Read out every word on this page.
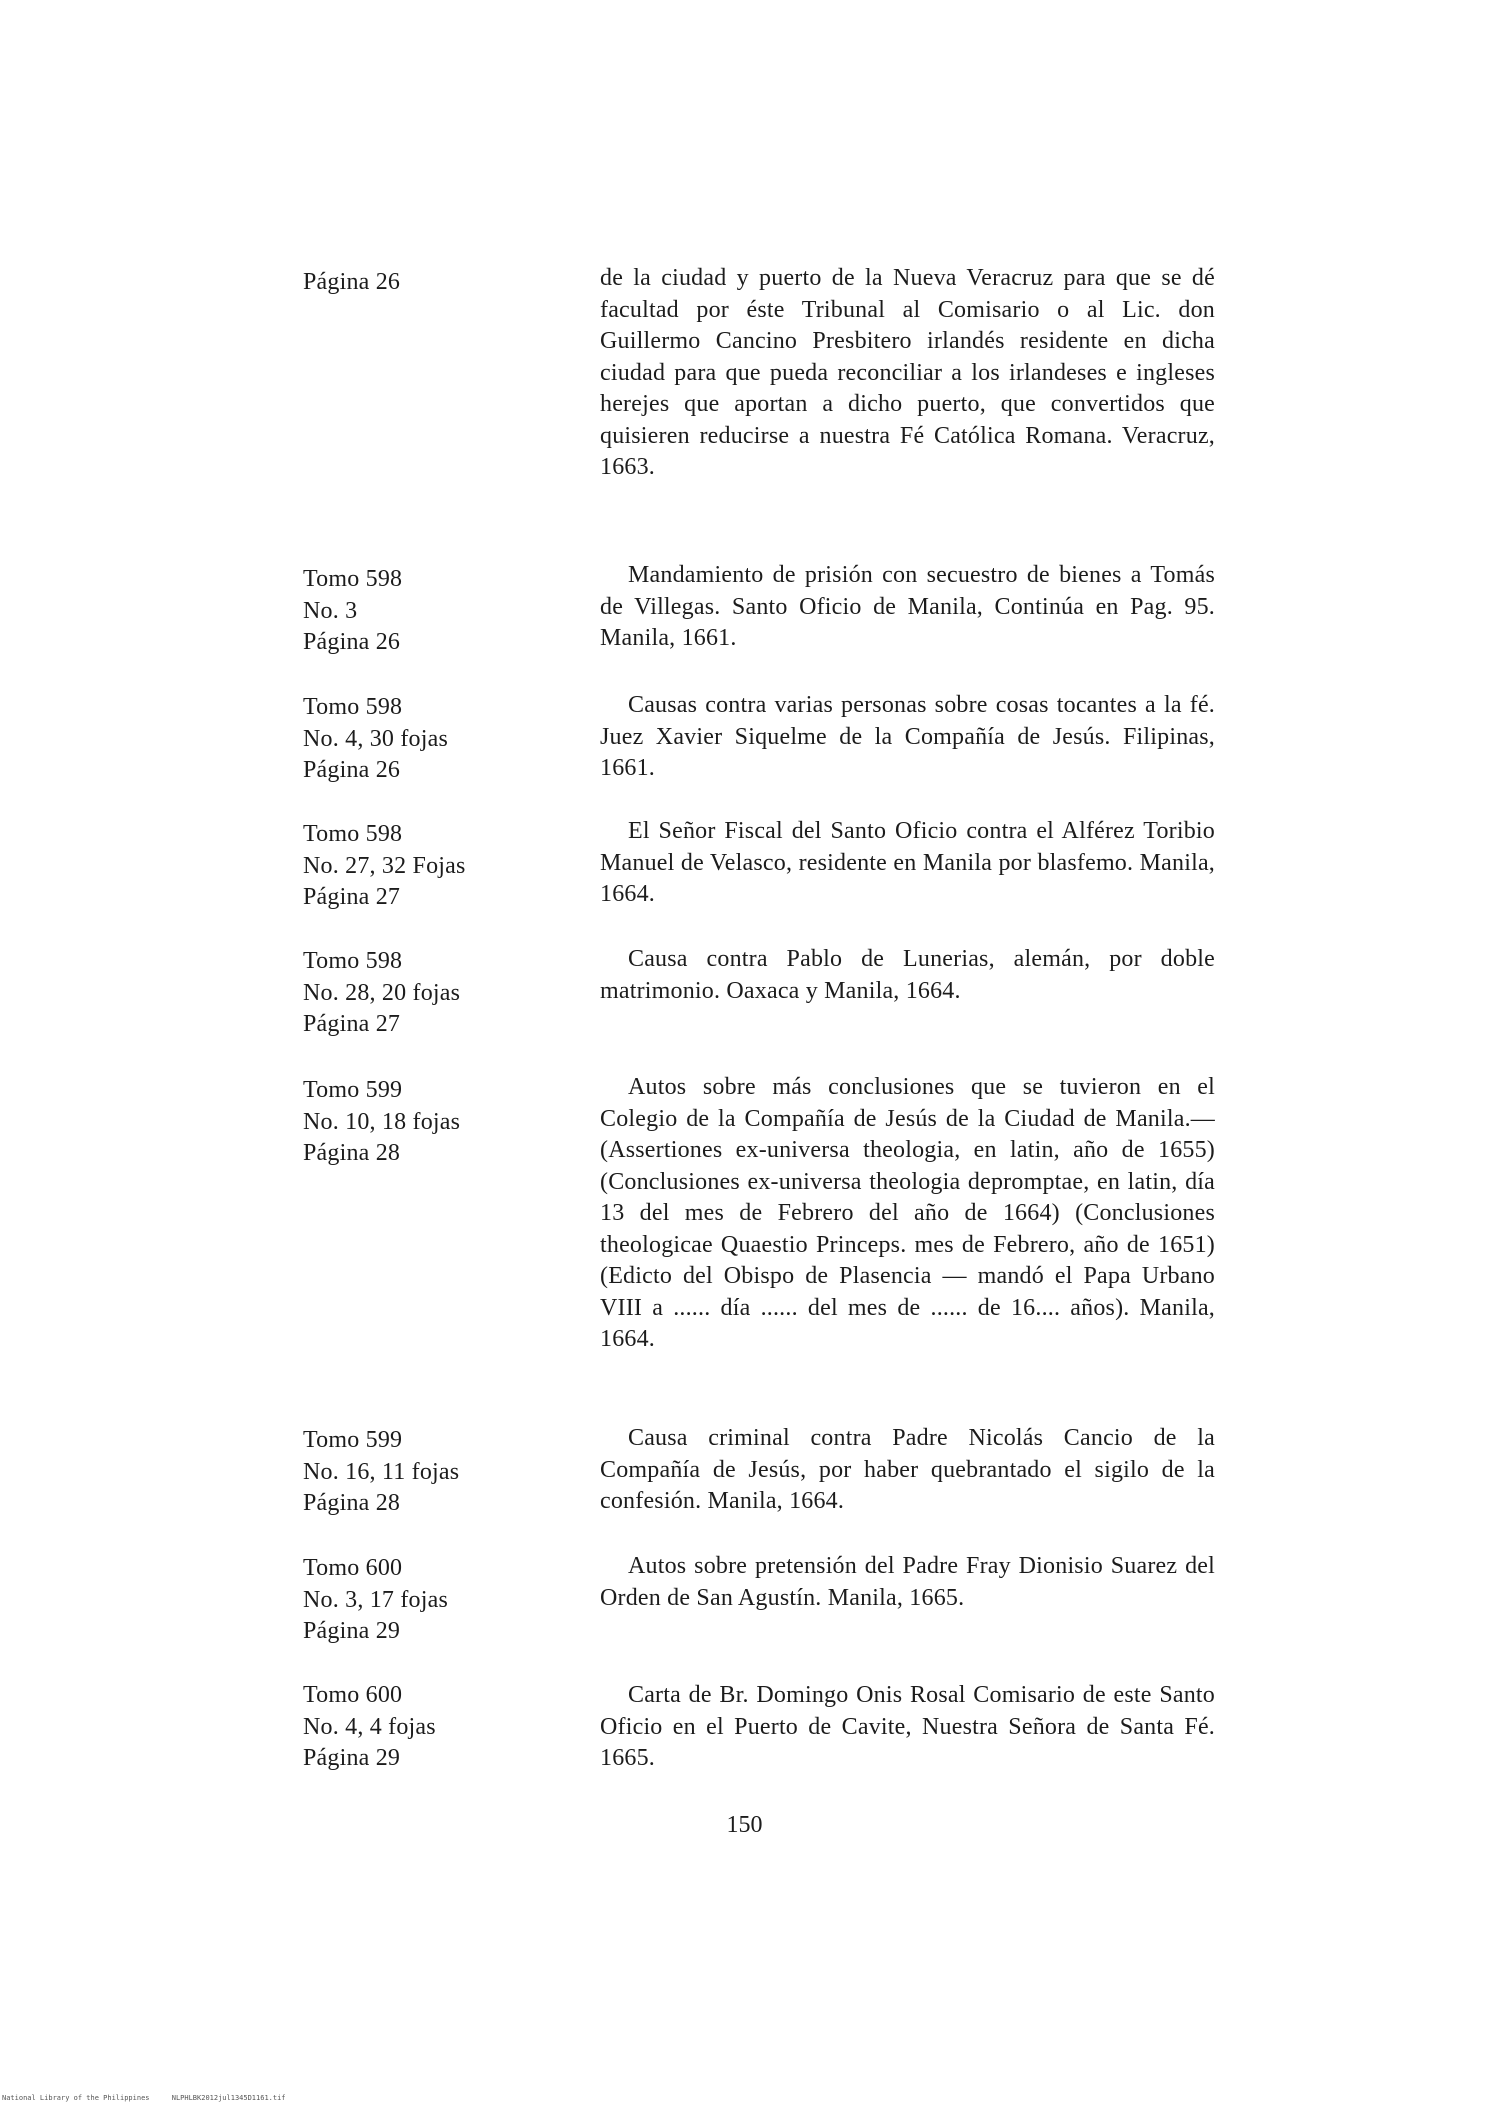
Página 26	de la ciudad y puerto de la Nueva Veracruz para que se dé facultad por éste Tribunal al Comisario o al Lic. don Guillermo Cancino Presbitero irlandés residente en dicha ciudad para que pueda reconciliar a los irlandeses e ingleses herejes que aportan a dicho puerto, que convertidos que quisieren reducirse a nuestra Fé Católica Romana. Veracruz, 1663.

Tomo 598
No. 3
Página 26

Mandamiento de prisión con secuestro de bienes a Tomás de Villegas. Santo Oficio de Manila, Continúa en Pag. 95. Manila, 1661.

Tomo 598
No. 4, 30 fojas
Página 26

Causas contra varias personas sobre cosas tocantes a la fé. Juez Xavier Siquelme de la Compañía de Jesús. Filipinas, 1661.

Tomo 598
No. 27, 32 Fojas
Página 27

El Señor Fiscal del Santo Oficio contra el Alférez Toribio Manuel de Velasco, residente en Manila por blasfemo. Manila, 1664.

Tomo 598
No. 28, 20 fojas
Página 27

Causa contra Pablo de Lunerias, alemán, por doble matrimonio. Oaxaca y Manila, 1664.

Tomo 599
No. 10, 18 fojas
Página 28

Autos sobre más conclusiones que se tuvieron en el Colegio de la Compañía de Jesús de la Ciudad de Manila.—(Assertiones ex-universa theologia, en latin, año de 1655) (Conclusiones ex-universa theologia depromptae, en latin, día 13 del mes de Febrero del año de 1664) (Conclusiones theologicae Quaestio Princeps. mes de Febrero, año de 1651) (Edicto del Obispo de Plasencia — mandó el Papa Urbano VIII a ...... día ...... del mes de ...... de 16.... años). Manila, 1664.

Tomo 599
No. 16, 11 fojas
Página 28

Causa criminal contra Padre Nicolás Cancio de la Compañía de Jesús, por haber quebrantado el sigilo de la confesión. Manila, 1664.

Tomo 600
No. 3, 17 fojas
Página 29

Autos sobre pretensión del Padre Fray Dionisio Suarez del Orden de San Agustín. Manila, 1665.

Tomo 600
No. 4, 4 fojas
Página 29

Carta de Br. Domingo Onis Rosal Comisario de este Santo Oficio en el Puerto de Cavite, Nuestra Señora de Santa Fé. 1665.

150
National Library of the Philippines	NLPHLBK2012jul1345D1161.tif
